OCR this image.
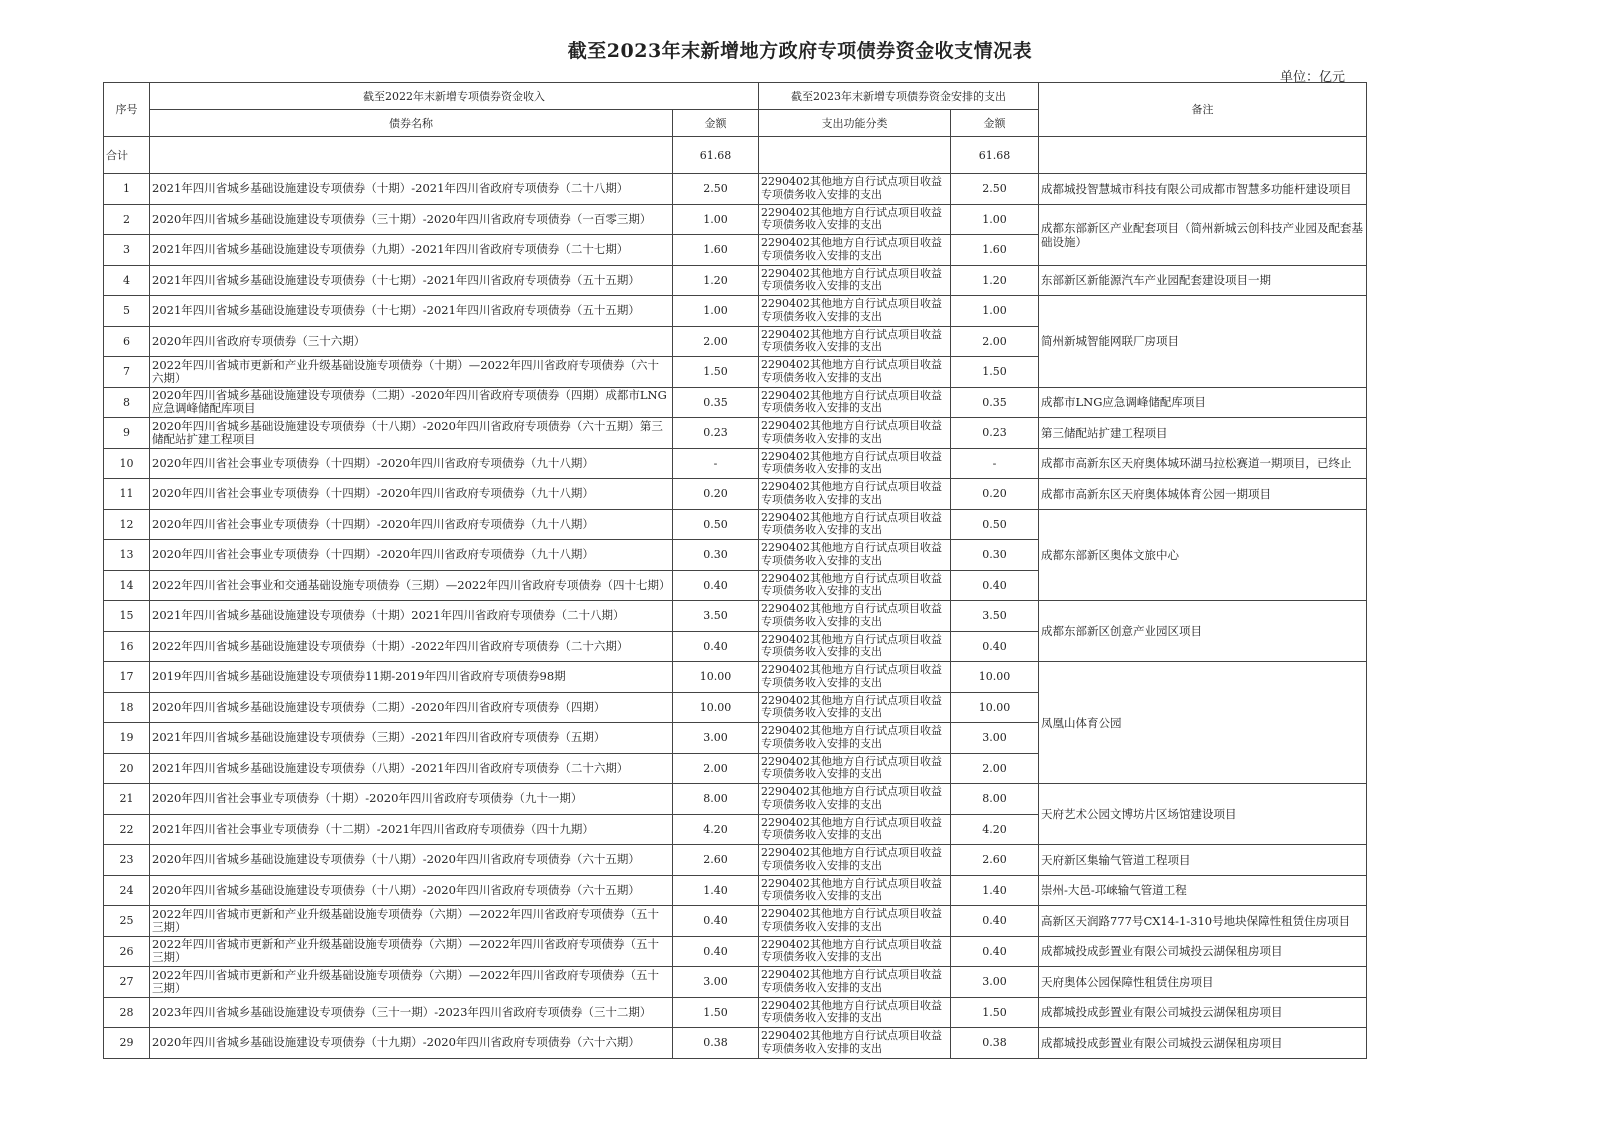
截至2023年末新增地方政府专项债券资金收支情况表
单位：亿元
序号	截至2022年末新增专项债券资金收入		截至2023年末新增专项债券资金安排的支出		备注
	债券名称	金额	支出功能分类	金额	
合计		61.68		61.68	
1	2021年四川省城乡基础设施建设专项债券（十期）-2021年四川省政府专项债券（二十八期）	2.50	2290402其他地方自行试点项目收益专项债务收入安排的支出	2.50	成都城投智慧城市科技有限公司成都市智慧多功能杆建设项目
2	2020年四川省城乡基础设施建设专项债券（三十期）-2020年四川省政府专项债券（一百零三期）	1.00	2290402其他地方自行试点项目收益专项债务收入安排的支出	1.00	成都东部新区产业配套项目（简州新城云创科技产业园及配套基础设施）
3	2021年四川省城乡基础设施建设专项债券（九期）-2021年四川省政府专项债券（二十七期）	1.60	2290402其他地方自行试点项目收益专项债务收入安排的支出	1.60	
4	2021年四川省城乡基础设施建设专项债券（十七期）-2021年四川省政府专项债券（五十五期）	1.20	2290402其他地方自行试点项目收益专项债务收入安排的支出	1.20	东部新区新能源汽车产业园配套建设项目一期
5	2021年四川省城乡基础设施建设专项债券（十七期）-2021年四川省政府专项债券（五十五期）	1.00	2290402其他地方自行试点项目收益专项债务收入安排的支出	1.00	简州新城智能网联厂房项目
6	2020年四川省政府专项债券（三十六期）	2.00	2290402其他地方自行试点项目收益专项债务收入安排的支出	2.00	
7	2022年四川省城市更新和产业升级基础设施专项债券（十期）—2022年四川省政府专项债券（六十六期）	1.50	2290402其他地方自行试点项目收益专项债务收入安排的支出	1.50	
8	2020年四川省城乡基础设施建设专项债券（二期）-2020年四川省政府专项债券（四期）成都市LNG应急调峰储配库项目	0.35	2290402其他地方自行试点项目收益专项债务收入安排的支出	0.35	成都市LNG应急调峰储配库项目
9	2020年四川省城乡基础设施建设专项债券（十八期）-2020年四川省政府专项债券（六十五期）第三储配站扩建工程项目	0.23	2290402其他地方自行试点项目收益专项债务收入安排的支出	0.23	第三储配站扩建工程项目
10	2020年四川省社会事业专项债券（十四期）-2020年四川省政府专项债券（九十八期）	-	2290402其他地方自行试点项目收益专项债务收入安排的支出	-	成都市高新东区天府奥体城环湖马拉松赛道一期项目，已终止
11	2020年四川省社会事业专项债券（十四期）-2020年四川省政府专项债券（九十八期）	0.20	2290402其他地方自行试点项目收益专项债务收入安排的支出	0.20	成都市高新东区天府奥体城体育公园一期项目
12	2020年四川省社会事业专项债券（十四期）-2020年四川省政府专项债券（九十八期）	0.50	2290402其他地方自行试点项目收益专项债务收入安排的支出	0.50	成都东部新区奥体文旅中心
13	2020年四川省社会事业专项债券（十四期）-2020年四川省政府专项债券（九十八期）	0.30	2290402其他地方自行试点项目收益专项债务收入安排的支出	0.30	
14	2022年四川省社会事业和交通基础设施专项债券（三期）—2022年四川省政府专项债券（四十七期）	0.40	2290402其他地方自行试点项目收益专项债务收入安排的支出	0.40	
15	2021年四川省城乡基础设施建设专项债券（十期）2021年四川省政府专项债券（二十八期）	3.50	2290402其他地方自行试点项目收益专项债务收入安排的支出	3.50	成都东部新区创意产业园区项目
16	2022年四川省城乡基础设施建设专项债券（十期）-2022年四川省政府专项债券（二十六期）	0.40	2290402其他地方自行试点项目收益专项债务收入安排的支出	0.40	
17	2019年四川省城乡基础设施建设专项债券11期-2019年四川省政府专项债券98期	10.00	2290402其他地方自行试点项目收益专项债务收入安排的支出	10.00	凤凰山体育公园
18	2020年四川省城乡基础设施建设专项债券（二期）-2020年四川省政府专项债券（四期）	10.00	2290402其他地方自行试点项目收益专项债务收入安排的支出	10.00	
19	2021年四川省城乡基础设施建设专项债券（三期）-2021年四川省政府专项债券（五期）	3.00	2290402其他地方自行试点项目收益专项债务收入安排的支出	3.00	
20	2021年四川省城乡基础设施建设专项债券（八期）-2021年四川省政府专项债券（二十六期）	2.00	2290402其他地方自行试点项目收益专项债务收入安排的支出	2.00	
21	2020年四川省社会事业专项债券（十期）-2020年四川省政府专项债券（九十一期）	8.00	2290402其他地方自行试点项目收益专项债务收入安排的支出	8.00	天府艺术公园文博坊片区场馆建设项目
22	2021年四川省社会事业专项债券（十二期）-2021年四川省政府专项债券（四十九期）	4.20	2290402其他地方自行试点项目收益专项债务收入安排的支出	4.20	
23	2020年四川省城乡基础设施建设专项债券（十八期）-2020年四川省政府专项债券（六十五期）	2.60	2290402其他地方自行试点项目收益专项债务收入安排的支出	2.60	天府新区集输气管道工程项目
24	2020年四川省城乡基础设施建设专项债券（十八期）-2020年四川省政府专项债券（六十五期）	1.40	2290402其他地方自行试点项目收益专项债务收入安排的支出	1.40	崇州-大邑-邛崃输气管道工程
25	2022年四川省城市更新和产业升级基础设施专项债券（六期）—2022年四川省政府专项债券（五十三期）	0.40	2290402其他地方自行试点项目收益专项债务收入安排的支出	0.40	高新区天润路777号CX14-1-310号地块保障性租赁住房项目
26	2022年四川省城市更新和产业升级基础设施专项债券（六期）—2022年四川省政府专项债券（五十三期）	0.40	2290402其他地方自行试点项目收益专项债务收入安排的支出	0.40	成都城投成彭置业有限公司城投云湖保租房项目
27	2022年四川省城市更新和产业升级基础设施专项债券（六期）—2022年四川省政府专项债券（五十三期）	3.00	2290402其他地方自行试点项目收益专项债务收入安排的支出	3.00	天府奥体公园保障性租赁住房项目
28	2023年四川省城乡基础设施建设专项债券（三十一期）-2023年四川省政府专项债券（三十二期）	1.50	2290402其他地方自行试点项目收益专项债务收入安排的支出	1.50	成都城投成彭置业有限公司城投云湖保租房项目
29	2020年四川省城乡基础设施建设专项债券（十九期）-2020年四川省政府专项债券（六十六期）	0.38	2290402其他地方自行试点项目收益专项债务收入安排的支出	0.38	成都城投成彭置业有限公司城投云湖保租房项目
